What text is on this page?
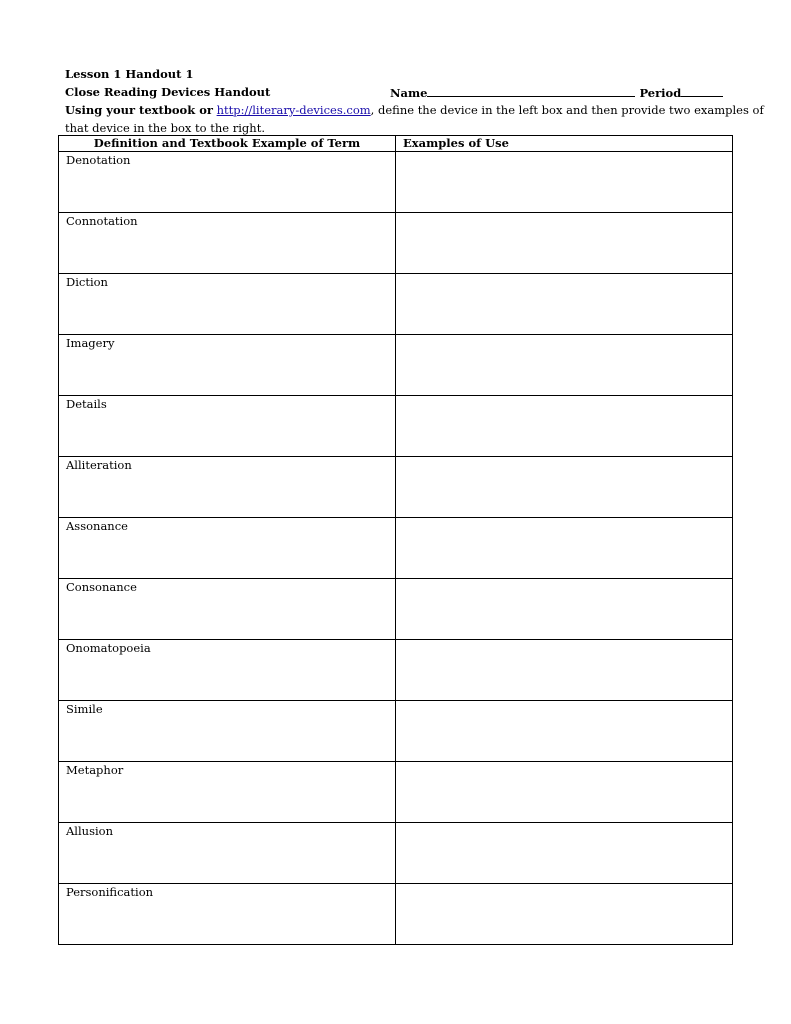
Lesson 1 Handout 1
Close Reading Devices Handout	Name	Period
Using your textbook or http://literary-devices.com, define the device in the left box and then provide two examples of
that device in the box to the right.
Definition and Textbook Example of Term	Examples of Use
Denotation	
Connotation	
Diction	
Imagery	
Details	
Alliteration	
Assonance	
Consonance	
Onomatopoeia	
Simile	
Metaphor	
Allusion	
Personification	
